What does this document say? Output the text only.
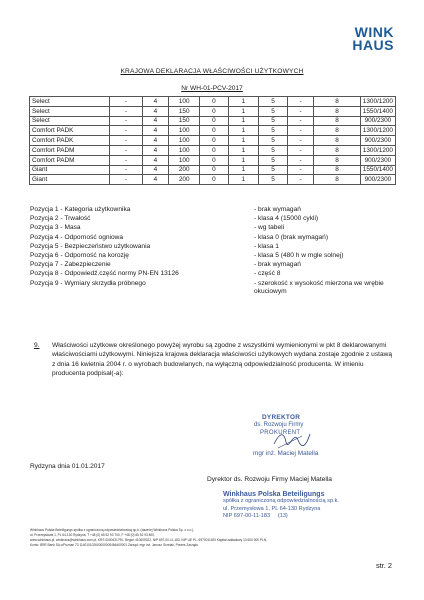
WINK
HAUS
KRAJOWA DEKLARACJA WŁAŚCIWOŚCI UŻYTKOWYCH
Nr WH-01-PCV-2017
Select	-	4	100	0	1	5	-	8	1300/1200
Select	-	4	150	0	1	5	-	8	1550/1400
Select	-	4	150	0	1	5	-	8	900/2300
Comfort PADK	-	4	100	0	1	5	-	8	1300/1200
Comfort PADK	-	4	100	0	1	5	-	8	900/2300
Comfort PADM	-	4	100	0	1	5	-	8	1300/1200
Comfort PADM	-	4	100	0	1	5	-	8	900/2300
Giant	-	4	200	0	1	5	-	8	1550/1400
Giant	-	4	200	0	1	5	-	8	900/2300
Pozycja 1 - Kategoria użytkownika	- brak wymagań
Pozycja 2 - Trwałość	- klasa 4 (15000 cykli)
Pozycja 3 - Masa	- wg tabeli
Pozycja 4 - Odporność ogniowa	- klasa 0 (brak wymagań)
Pozycja 5 - Bezpieczeństwo użytkowania	- klasa 1
Pozycja 6 - Odporność na korozję	- klasa 5 (480 h w mgle solnej)
Pozycja 7 - Zabezpieczenie	- brak wymagań
Pozycja 8 - Odpowiedź.część normy PN-EN 13126	- część 8
Pozycja 9 - Wymiary skrzydła próbnego	- szerokość x wysokość mierzona we wrębie okuciowym
9. Właściwości użytkowe określonego powyżej wyrobu są zgodne z wszystkimi wymienionymi w pkt 8 deklarowanymi właściwościami użytkowymi. Niniejsza krajowa deklaracja właściwości użytkowych wydana zostaje zgodnie z ustawą z dnia 16 kwietnia 2004 r. o wyrobach budowlanych, na wyłączną odpowiedzialność producenta. W imieniu producenta podpisał(-a):
DYREKTOR
ds. Rozwoju Firmy
PROKURENT
mgr inż. Maciej Matella
Rydzyna dnia 01.01.2017
Dyrektor ds. Rozwoju Firmy Maciej Matella
Winkhaus Polska Beteiligungs
spółka z ograniczoną odpowiedzialnością sp.k.
ul. Przemysłowa 1, PL 64-130 Rydzyna
NIP 697-00-11-183 (13)
Winkhaus Polska Beteiligungs spółka z ograniczoną odpowiedzialnością sp.k. (dawniej Winkhaus Polska Sp. z o.o.),
ul. Przemysłowa 1, PL 64-130 Rydzyna, T +48 (0) 65 52 93 700, F +48 (0) 65 52 93 800,
www.winkhaus.pl, winkhaus@winkhaus.com.pl, KRS 0000431790, Regon 410605022, NIP 697-00-11-183, NIP UE PL, 6970011183 Kapitał zakładowy 13 600 000 PLN,
Konto: BRE Bank SA o/Poznań 73 114010102600000000466400001 Zarząd: mgr inż. Janusz Grzelak, Prezes Zarządu
str. 2
